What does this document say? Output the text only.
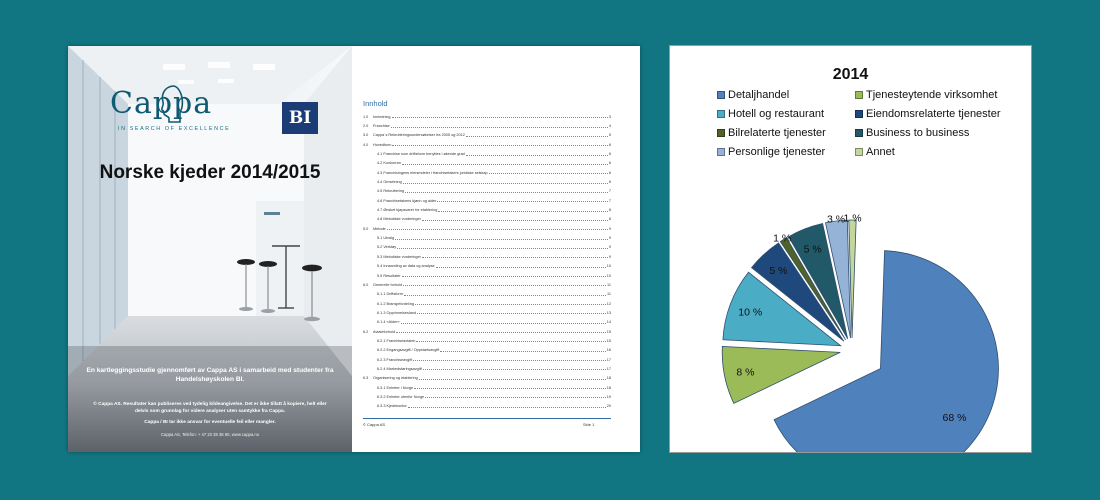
Cappa
IN SEARCH OF EXCELLENCE
BI
Norske kjeder 2014/2015
En kartleggingsstudie gjennomført av Cappa AS i samarbeid med studenter fra Handelshøyskolen BI.
© Cappa AS. Resultater kan publiseres ved tydelig kildeangivelse. Det er ikke tillatt å kopiere, helt eller delvis som grunnlag for videre analyser uten samtykke fra Cappa.
Cappa / BI tar ikke ansvar for eventuelle feil eller mangler.
Cappa AS, Telefon: + 47 23 38 38 80, www.cappa.no
Innhold
1.0	Innledning	3
2.0	Franchise	4
3.0	Cappa´s Rekrutteringsundersøkelser fra 2005 og 2012	5
4.0	Hovedfunn	6
4.1 Franchise som driftsform benyttes i økende grad	6
4.2 Konkurran	6
4.3 Franchisingens eiersmdeler i franchisetakers juridiske selskap	6
4.4 Omsetning	6
4.5 Rekruttering	7
4.6 Franchisetakens kjønn og alder	7
4.7 Ønsket kjøpsvarer for etablering	8
4.8 Metodiske vurderinger	8
5.0	Metode	9
5.1 Utvalg	9
5.2 Verktøy	9
5.3 Metodiske vurderinger	9
5.4 Innsamling av data og analyse	10
5.5 Resultater	10
6.0	Generelle forhold	11
6.1.1 Driftsform	11
6.1.2 Bransjefordeling	12
6.1.3 Opprinnelsesland	13
6.1.4 «Alder»	14
6.2	Avtaleforhold	15
6.2.1 Franchiseavtalen	15
6.2.2 Engangsavgift / Oppstartsavgift	16
6.2.3 Franchiseavgift	17
6.2.4 Markedsføringsavgift	17
6.3	Organisering og etablering	18
6.3.1 Enheter i Norge	18
6.3.2 Enheter utenfor Norge	19
6.3.3 Kjedekontor	20
© Cappa AS	Side 1
2014
Detaljhandel	Tjenesteytende virksomhet
Hotell og restaurant	Eiendomsrelaterte tjenester
Bilrelaterte tjenester	Business to business
Personlige tjenester	Annet
68 %
8 %
10 %
5 %
1 %
5 %
3 %
1 %
